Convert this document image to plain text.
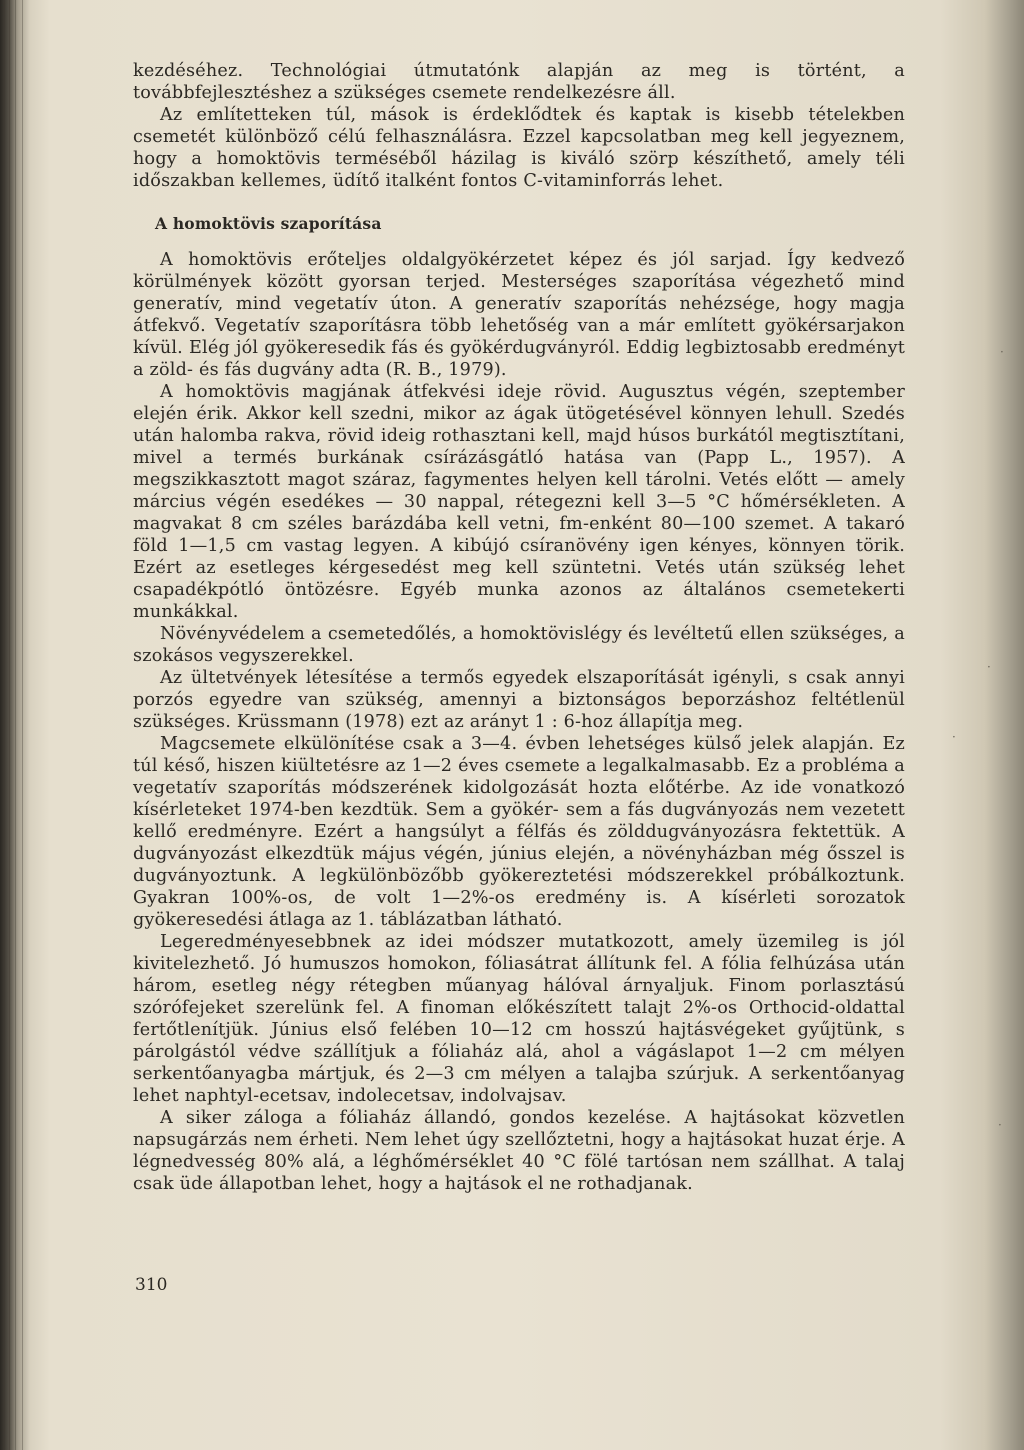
kezdéséhez. Technológiai útmutatónk alapján az meg is történt, a továbbfejlesztéshez a szükséges csemete rendelkezésre áll.

Az említetteken túl, mások is érdeklődtek és kaptak is kisebb tételekben csemetét különböző célú felhasználásra. Ezzel kapcsolatban meg kell jegyeznem, hogy a homoktövis terméséből házilag is kiváló szörp készíthető, amely téli időszakban kellemes, üdítő italként fontos C-vitaminforrás lehet.

A homoktövis szaporítása

A homoktövis erőteljes oldalgyökérzetet képez és jól sarjad. Így kedvező körülmények között gyorsan terjed. Mesterséges szaporítása végezhető mind generatív, mind vegetatív úton. A generatív szaporítás nehézsége, hogy magja átfekvő. Vegetatív szaporításra több lehetőség van a már említett gyökérsarjakon kívül. Elég jól gyökeresedik fás és gyökérdugványról. Eddig legbiztosabb eredményt a zöld- és fás dugvány adta (R. B., 1979).

A homoktövis magjának átfekvési ideje rövid. Augusztus végén, szeptember elején érik. Akkor kell szedni, mikor az ágak ütögetésével könnyen lehull. Szedés után halomba rakva, rövid ideig rothasztani kell, majd húsos burkától megtisztítani, mivel a termés burkának csírázásgátló hatása van (Papp L., 1957). A megszikkasztott magot száraz, fagymentes helyen kell tárolni. Vetés előtt — amely március végén esedékes — 30 nappal, rétegezni kell 3—5 °C hőmérsékleten. A magvakat 8 cm széles barázdába kell vetni, fm-enként 80—100 szemet. A takaró föld 1—1,5 cm vastag legyen. A kibújó csíranövény igen kényes, könnyen törik. Ezért az esetleges kérgesedést meg kell szüntetni. Vetés után szükség lehet csapadékpótló öntözésre. Egyéb munka azonos az általános csemetekerti munkákkal.

Növényvédelem a csemetedőlés, a homoktövislégy és levéltetű ellen szükséges, a szokásos vegyszerekkel.

Az ültetvények létesítése a termős egyedek elszaporítását igényli, s csak annyi porzós egyedre van szükség, amennyi a biztonságos beporzáshoz feltétlenül szükséges. Krüssmann (1978) ezt az arányt 1 : 6-hoz állapítja meg.

Magcsemete elkülönítése csak a 3—4. évben lehetséges külső jelek alapján. Ez túl késő, hiszen kiültetésre az 1—2 éves csemete a legalkalmasabb. Ez a probléma a vegetatív szaporítás módszerének kidolgozását hozta előtérbe. Az ide vonatkozó kísérleteket 1974-ben kezdtük. Sem a gyökér- sem a fás dugványozás nem vezetett kellő eredményre. Ezért a hangsúlyt a félfás és zölddugványozásra fektettük. A dugványozást elkezdtük május végén, június elején, a növényházban még ősszel is dugványoztunk. A legkülönbözőbb gyökereztetési módszerekkel próbálkoztunk. Gyakran 100%-os, de volt 1—2%-os eredmény is. A kísérleti sorozatok gyökeresedési átlaga az 1. táblázatban látható.

Legeredményesebbnek az idei módszer mutatkozott, amely üzemileg is jól kivitelezhető. Jó humuszos homokon, fóliasátrat állítunk fel. A fólia felhúzása után három, esetleg négy rétegben műanyag hálóval árnyaljuk. Finom porlasztású szórófejeket szerelünk fel. A finoman előkészített talajt 2%-os Orthocid-oldattal fertőtlenítjük. Június első felében 10—12 cm hosszú hajtásvégeket gyűjtünk, s párolgástól védve szállítjuk a fóliaház alá, ahol a vágáslapot 1—2 cm mélyen serkentőanyagba mártjuk, és 2—3 cm mélyen a talajba szúrjuk. A serkentőanyag lehet naphtyl-ecetsav, indolecetsav, indolvajsav.

A siker záloga a fóliaház állandó, gondos kezelése. A hajtásokat közvetlen napsugárzás nem érheti. Nem lehet úgy szellőztetni, hogy a hajtásokat huzat érje. A légnedvesség 80% alá, a léghőmérséklet 40 °C fölé tartósan nem szállhat. A talaj csak üde állapotban lehet, hogy a hajtások el ne rothadjanak.

310
·
·
·
·
